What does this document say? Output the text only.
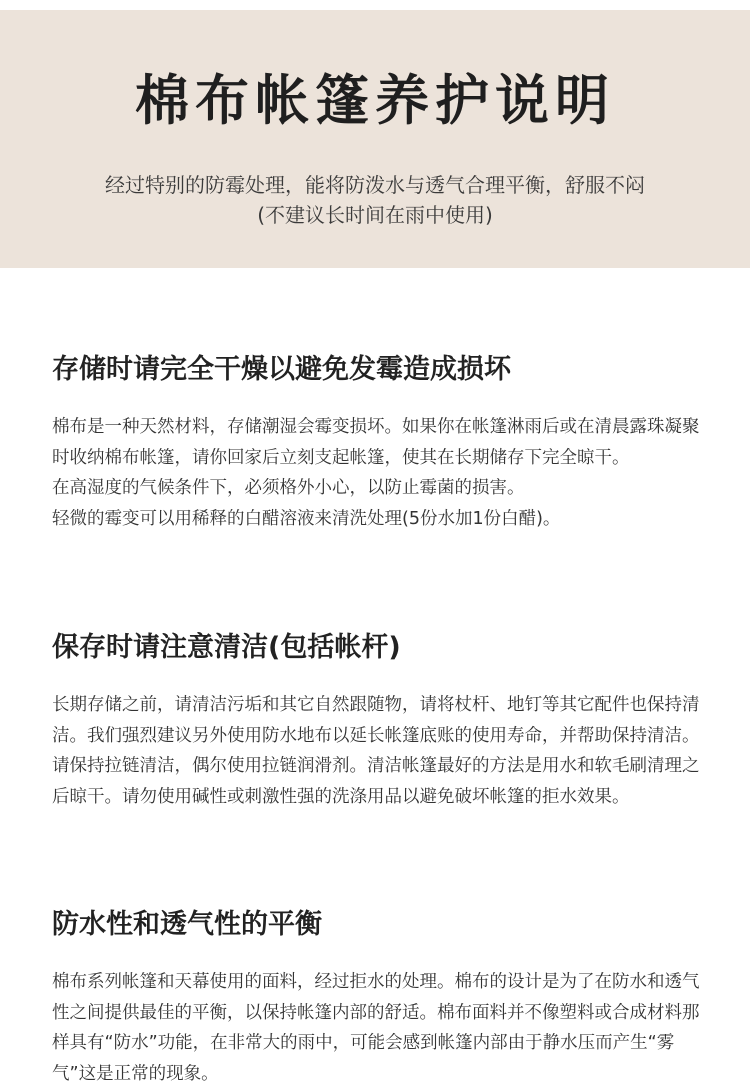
棉布帐篷养护说明
经过特别的防霉处理，能将防泼水与透气合理平衡，舒服不闷
(不建议长时间在雨中使用)
存储时请完全干燥以避免发霉造成损坏

棉布是一种天然材料，存储潮湿会霉变损坏。如果你在帐篷淋雨后或在清晨露珠凝聚时收纳棉布帐篷，请你回家后立刻支起帐篷，使其在长期储存下完全晾干。

在高湿度的气候条件下，必须格外小心，以防止霉菌的损害。

轻微的霉变可以用稀释的白醋溶液来清洗处理(5份水加1份白醋)。

保存时请注意清洁(包括帐杆)

长期存储之前，请清洁污垢和其它自然跟随物，请将杖杆、地钉等其它配件也保持清洁。我们强烈建议另外使用防水地布以延长帐篷底账的使用寿命，并帮助保持清洁。请保持拉链清洁，偶尔使用拉链润滑剂。清洁帐篷最好的方法是用水和软毛刷清理之后晾干。请勿使用碱性或刺激性强的洗涤用品以避免破坏帐篷的拒水效果。

防水性和透气性的平衡

棉布系列帐篷和天幕使用的面料，经过拒水的处理。棉布的设计是为了在防水和透气性之间提供最佳的平衡，以保持帐篷内部的舒适。棉布面料并不像塑料或合成材料那样具有“防水”功能，在非常大的雨中，可能会感到帐篷内部由于静水压而产生“雾气”这是正常的现象。
